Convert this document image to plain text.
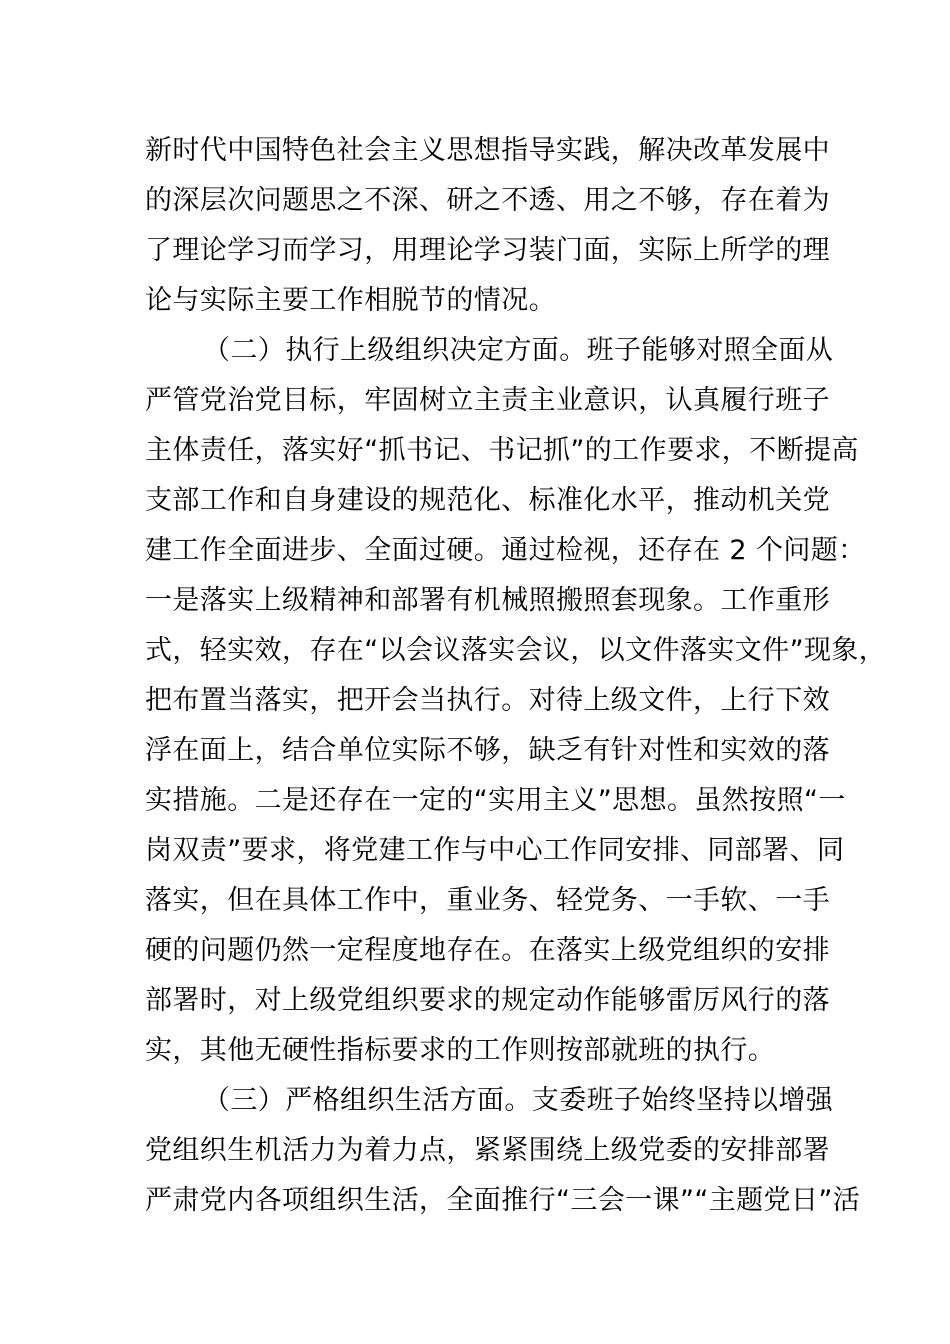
新时代中国特色社会主义思想指导实践，解决改革发展中
的深层次问题思之不深、研之不透、用之不够，存在着为
了理论学习而学习，用理论学习装门面，实际上所学的理
论与实际主要工作相脱节的情况。
（二）执行上级组织决定方面。班子能够对照全面从
严管党治党目标，牢固树立主责主业意识，认真履行班子
主体责任，落实好“抓书记、书记抓”的工作要求，不断提高
支部工作和自身建设的规范化、标准化水平，推动机关党
建工作全面进步、全面过硬。通过检视，还存在 2 个问题：
一是落实上级精神和部署有机械照搬照套现象。工作重形
式，轻实效，存在“以会议落实会议，以文件落实文件”现象，
把布置当落实，把开会当执行。对待上级文件，上行下效
浮在面上，结合单位实际不够，缺乏有针对性和实效的落
实措施。二是还存在一定的“实用主义”思想。虽然按照“一
岗双责”要求，将党建工作与中心工作同安排、同部署、同
落实，但在具体工作中，重业务、轻党务、一手软、一手
硬的问题仍然一定程度地存在。在落实上级党组织的安排
部署时，对上级党组织要求的规定动作能够雷厉风行的落
实，其他无硬性指标要求的工作则按部就班的执行。
（三）严格组织生活方面。支委班子始终坚持以增强
党组织生机活力为着力点，紧紧围绕上级党委的安排部署
严肃党内各项组织生活，全面推行“三会一课”“主题党日”活
